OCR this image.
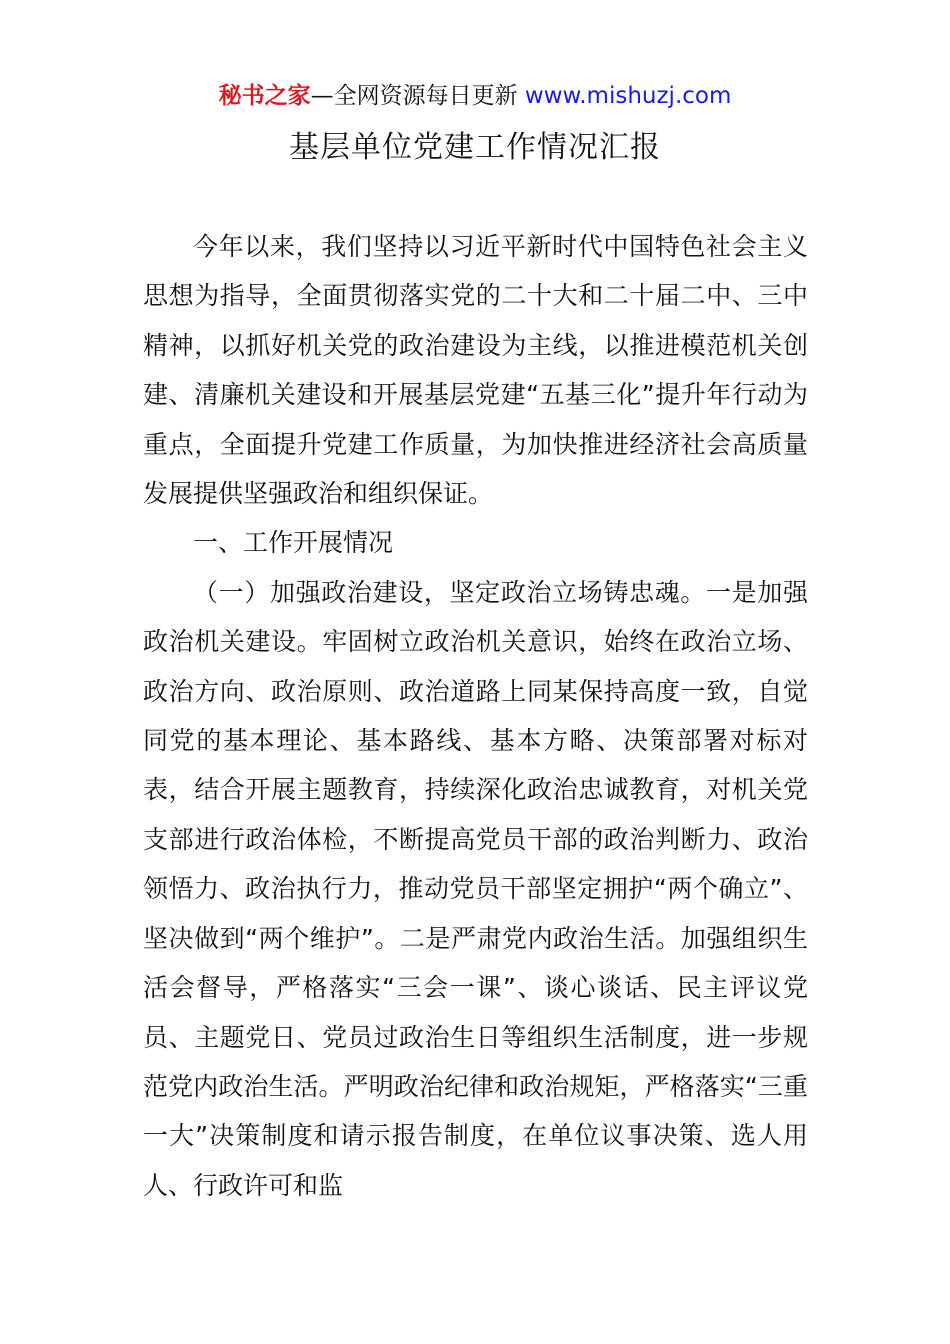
秘书之家—全网资源每日更新 www.mishuzj.com
基层单位党建工作情况汇报

今年以来，我们坚持以习近平新时代中国特色社会主义思想为指导，全面贯彻落实党的二十大和二十届二中、三中精神，以抓好机关党的政治建设为主线，以推进模范机关创建、清廉机关建设和开展基层党建“五基三化”提升年行动为重点，全面提升党建工作质量，为加快推进经济社会高质量发展提供坚强政治和组织保证。

一、工作开展情况

（一）加强政治建设，坚定政治立场铸忠魂。一是加强政治机关建设。牢固树立政治机关意识，始终在政治立场、政治方向、政治原则、政治道路上同某保持高度一致，自觉同党的基本理论、基本路线、基本方略、决策部署对标对表，结合开展主题教育，持续深化政治忠诚教育，对机关党支部进行政治体检，不断提高党员干部的政治判断力、政治领悟力、政治执行力，推动党员干部坚定拥护“两个确立”、坚决做到“两个维护”。二是严肃党内政治生活。加强组织生活会督导，严格落实“三会一课”、谈心谈话、民主评议党员、主题党日、党员过政治生日等组织生活制度，进一步规范党内政治生活。严明政治纪律和政治规矩，严格落实“三重一大”决策制度和请示报告制度，在单位议事决策、选人用人、行政许可和监
